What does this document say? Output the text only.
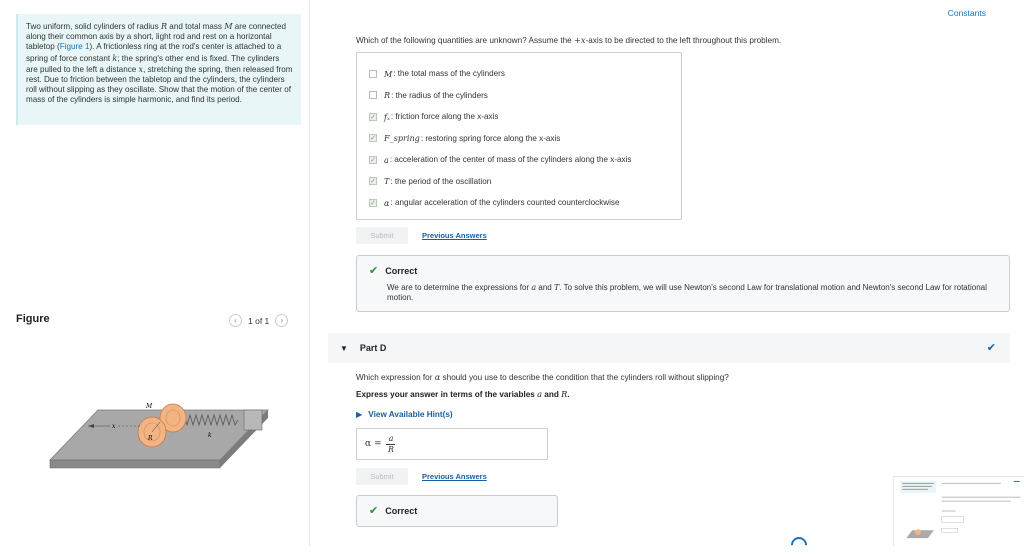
Two uniform, solid cylinders of radius R and total mass M are connected along their common axis by a short, light rod and rest on a horizontal tabletop (Figure 1). A frictionless ring at the rod's center is attached to a spring of force constant k; the spring's other end is fixed. The cylinders are pulled to the left a distance x, stretching the spring, then released from rest. Due to friction between the tabletop and the cylinders, the cylinders roll without slipping as they oscillate. Show that the motion of the center of mass of the cylinders is simple harmonic, and find its period.
Figure	‹	1 of 1	›
x
M
R	k
Constants
Which of the following quantities are unknown? Assume the +x-axis to be directed to the left throughout this problem.
M : the total mass of the cylinders
R : the radius of the cylinders
✓ fₓ : friction force along the x-axis
✓ F_spring : restoring spring force along the x-axis
✓ a : acceleration of the center of mass of the cylinders along the x-axis
✓ T : the period of the oscillation
✓ α : angular acceleration of the cylinders counted counterclockwise
Submit	Previous Answers
✔ Correct
We are to determine the expressions for a and T. To solve this problem, we will use Newton's second Law for translational motion and Newton's second Law for rotational motion.
▼ Part D	✔
Which expression for α should you use to describe the condition that the cylinders roll without slipping?
Express your answer in terms of the variables a and R.
▶ View Available Hint(s)
$\alpha = \frac{a}{R}$
Submit	Previous Answers
✔ Correct
